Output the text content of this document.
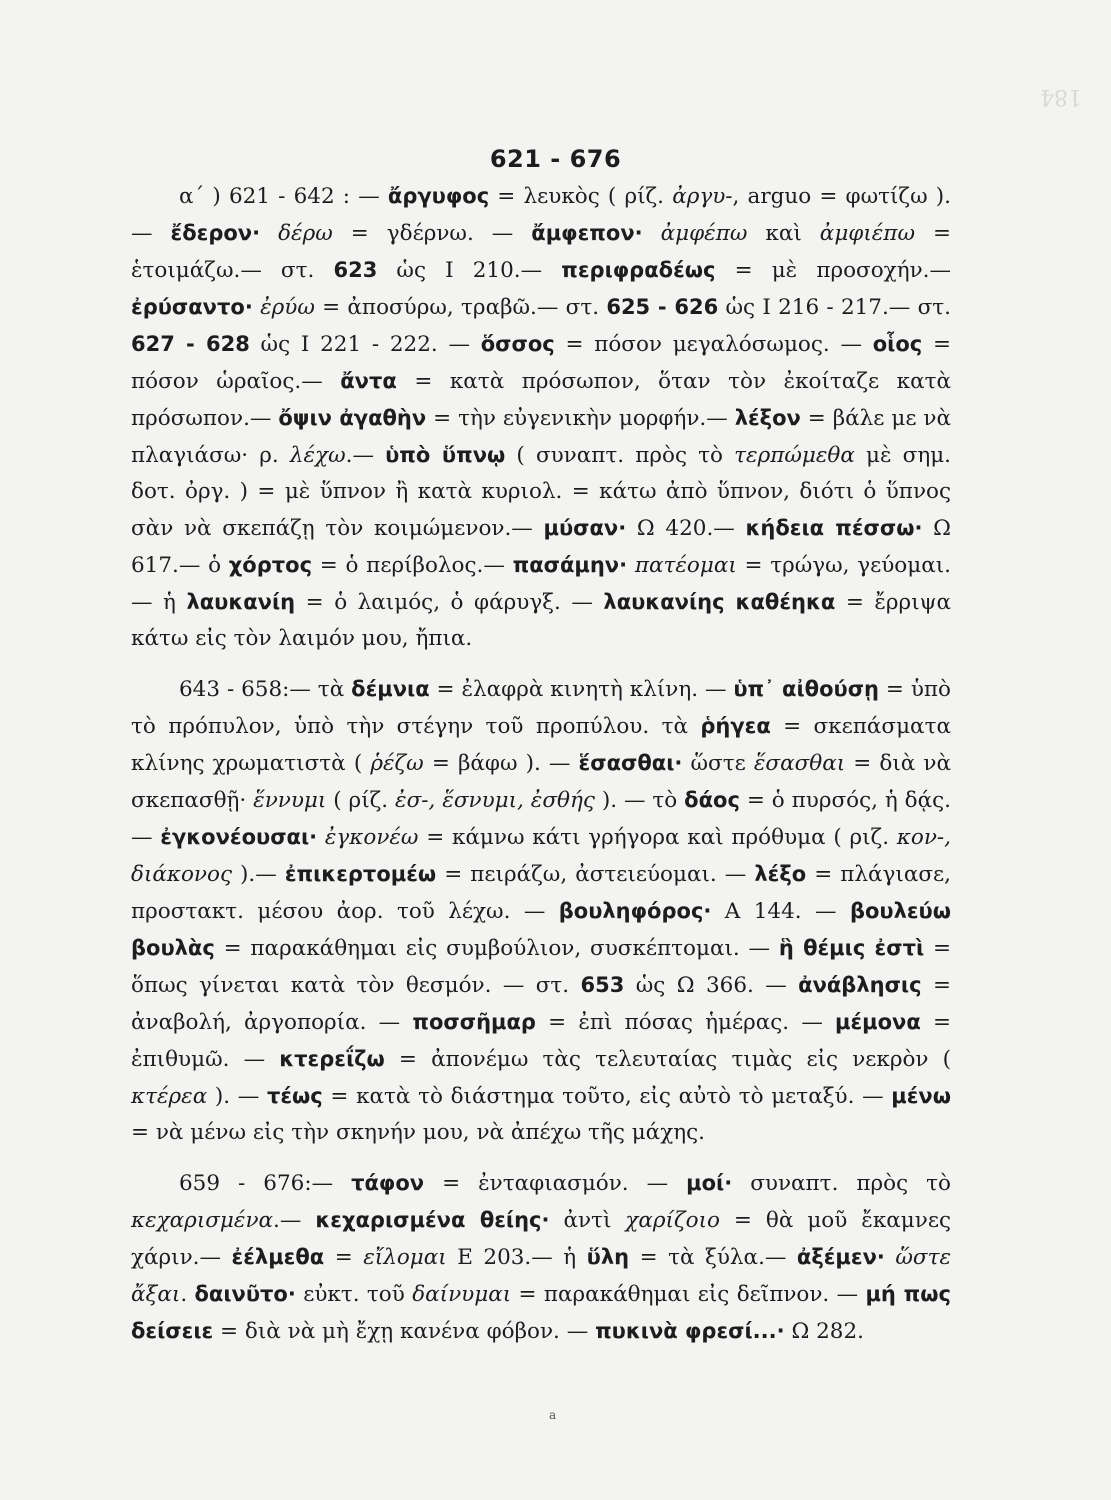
184
621 - 676

α΄ ) 621 - 642 : — ἄργυφος = λευκὸς ( ρίζ. ἀργυ-, arguo = φωτίζω ).— ἔδερον· δέρω = γδέρνω. — ἄμφεπον· ἀμφέπω καὶ ἀμφιέπω = ἑτοιμάζω.— στ. 623 ὡς Ι 210.— περιφραδέως = μὲ προσοχήν.— ἐρύσαντο· ἐρύω = ἀποσύρω, τραβῶ.— στ. 625 - 626 ὡς Ι 216 - 217.— στ. 627 - 628 ὡς Ι 221 - 222. — ὅσσος = πόσον μεγαλόσωμος. — οἷος = πόσον ὡραῖος.— ἄντα = κατὰ πρόσωπον, ὅταν τὸν ἐκοίταζε κατὰ πρόσωπον.— ὄψιν ἀγαθὴν = τὴν εὐγενικὴν μορφήν.— λέξον = βάλε με νὰ πλαγιάσω· ρ. λέχω.— ὑπὸ ὕπνῳ ( συναπτ. πρὸς τὸ τερπώμεθα μὲ σημ. δοτ. ὀργ. ) = μὲ ὕπνον ἢ κατὰ κυριολ. = κάτω ἀπὸ ὕπνον, διότι ὁ ὕπνος σὰν νὰ σκεπάζῃ τὸν κοιμώμενον.— μύσαν· Ω 420.— κήδεια πέσσω· Ω 617.— ὁ χόρτος = ὁ περίβολος.— πασάμην· πατέομαι = τρώγω, γεύομαι.— ἡ λαυκανίη = ὁ λαιμός, ὁ φάρυγξ. — λαυκανίης καθέηκα = ἔρριψα κάτω εἰς τὸν λαιμόν μου, ἤπια.

643 - 658:— τὰ δέμνια = ἐλαφρὰ κινητὴ κλίνη. — ὑπ᾽ αἰθούσῃ = ὑπὸ τὸ πρόπυλον, ὑπὸ τὴν στέγην τοῦ προπύλου. τὰ ῥήγεα = σκεπάσματα κλίνης χρωματιστὰ ( ῥέζω = βάφω ). — ἕσασθαι· ὥστε ἕσασθαι = διὰ νὰ σκεπασθῇ· ἕννυμι ( ρίζ. ἐσ-, ἕσνυμι, ἐσθής ). — τὸ δάος = ὁ πυρσός, ἡ δᾴς.— ἐγκονέουσαι· ἐγκονέω = κάμνω κάτι γρήγορα καὶ πρόθυμα ( ριζ. κον-, διάκονος ).— ἐπικερτομέω = πειράζω, ἀστειεύομαι. — λέξο = πλάγιασε, προστακτ. μέσου ἀορ. τοῦ λέχω. — βουληφόρος· Α 144. — βουλεύω βουλὰς = παρακάθημαι εἰς συμβούλιον, συσκέπτομαι. — ἣ θέμις ἐστὶ = ὅπως γίνεται κατὰ τὸν θεσμόν. — στ. 653 ὡς Ω 366. — ἀνάβλησις = ἀναβολή, ἀργοπορία. — ποσσῆμαρ = ἐπὶ πόσας ἡμέρας. — μέμονα = ἐπιθυμῶ. — κτερεΐζω = ἀπονέμω τὰς τελευταίας τιμὰς εἰς νεκρὸν ( κτέρεα ). — τέως = κατὰ τὸ διάστημα τοῦτο, εἰς αὐτὸ τὸ μεταξύ. — μένω = νὰ μένω εἰς τὴν σκηνήν μου, νὰ ἀπέχω τῆς μάχης.

659 - 676:— τάφον = ἐνταφιασμόν. — μοί· συναπτ. πρὸς τὸ κεχαρισμένα.— κεχαρισμένα θείης· ἀντὶ χαρίζοιο = θὰ μοῦ ἔκαμνες χάριν.— ἐέλμεθα = εἴλομαι Ε 203.— ἡ ὕλη = τὰ ξύλα.— ἀξέμεν· ὥστε ἄξαι. δαινῦτο· εὐκτ. τοῦ δαίνυμαι = παρακάθημαι εἰς δεῖπνον. — μή πως δείσειε = διὰ νὰ μὴ ἔχῃ κανένα φόβον. — πυκινὰ φρεσί...· Ω 282.

a
